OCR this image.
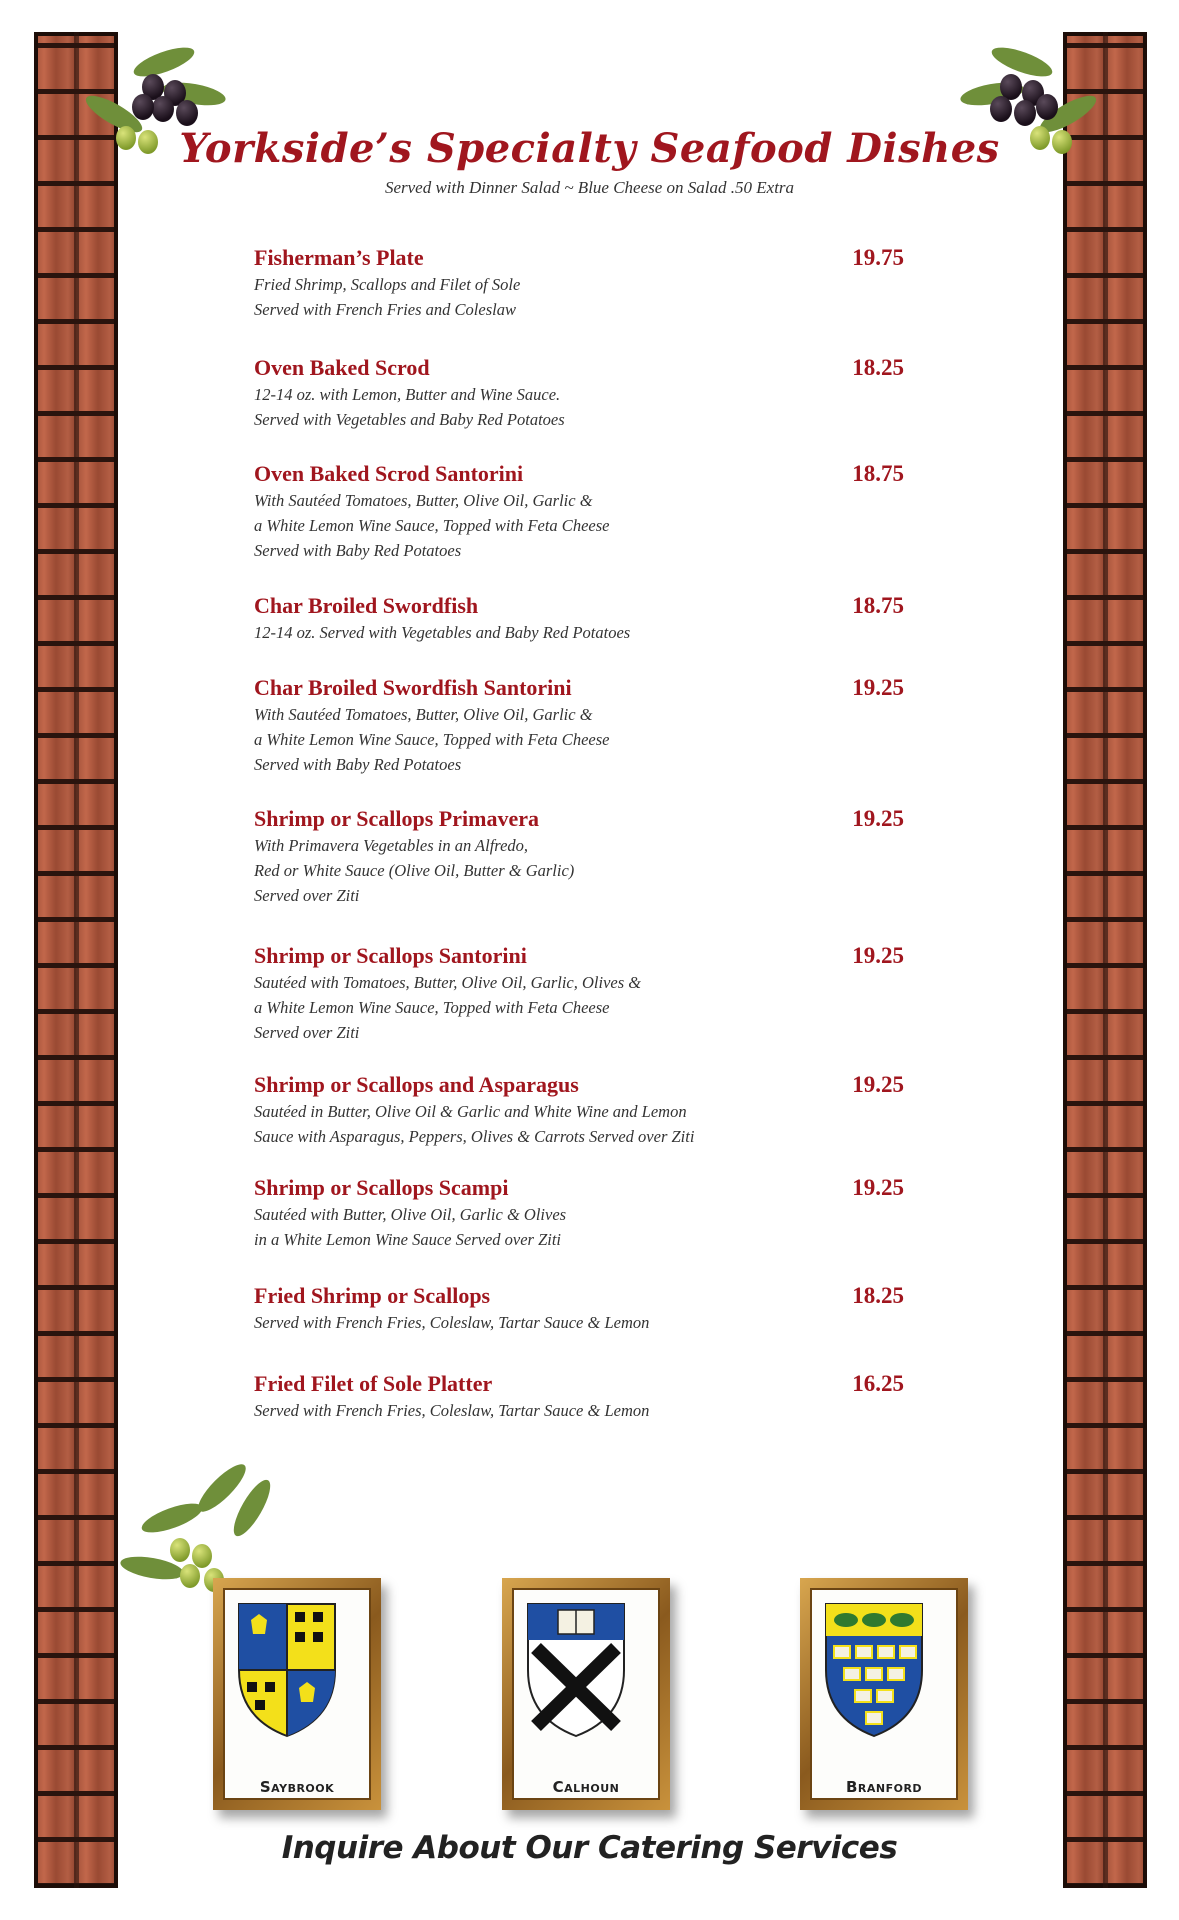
Yorkside’s Specialty Seafood Dishes
Served with Dinner Salad ~ Blue Cheese on Salad .50 Extra
Fisherman’s Plate	19.75
Fried Shrimp, Scallops and Filet of Sole
Served with French Fries and Coleslaw
Oven Baked Scrod	18.25
12-14 oz. with Lemon, Butter and Wine Sauce.
Served with Vegetables and Baby Red Potatoes
Oven Baked Scrod Santorini	18.75
With Sautéed Tomatoes, Butter, Olive Oil, Garlic &
a White Lemon Wine Sauce, Topped with Feta Cheese
Served with Baby Red Potatoes
Char Broiled Swordfish	18.75
12-14 oz. Served with Vegetables and Baby Red Potatoes
Char Broiled Swordfish Santorini	19.25
With Sautéed Tomatoes, Butter, Olive Oil, Garlic &
a White Lemon Wine Sauce, Topped with Feta Cheese
Served with Baby Red Potatoes
Shrimp or Scallops Primavera	19.25
With Primavera Vegetables in an Alfredo,
Red or White Sauce (Olive Oil, Butter & Garlic)
Served over Ziti
Shrimp or Scallops Santorini	19.25
Sautéed with Tomatoes, Butter, Olive Oil, Garlic, Olives &
a White Lemon Wine Sauce, Topped with Feta Cheese
Served over Ziti
Shrimp or Scallops and Asparagus	19.25
Sautéed in Butter, Olive Oil & Garlic and White Wine and Lemon
Sauce with Asparagus, Peppers, Olives & Carrots Served over Ziti
Shrimp or Scallops Scampi	19.25
Sautéed with Butter, Olive Oil, Garlic & Olives
in a White Lemon Wine Sauce Served over Ziti
Fried Shrimp or Scallops	18.25
Served with French Fries, Coleslaw, Tartar Sauce & Lemon
Fried Filet of Sole Platter	16.25
Served with French Fries, Coleslaw, Tartar Sauce & Lemon
Saybrook	Calhoun	Branford
Inquire About Our Catering Services
